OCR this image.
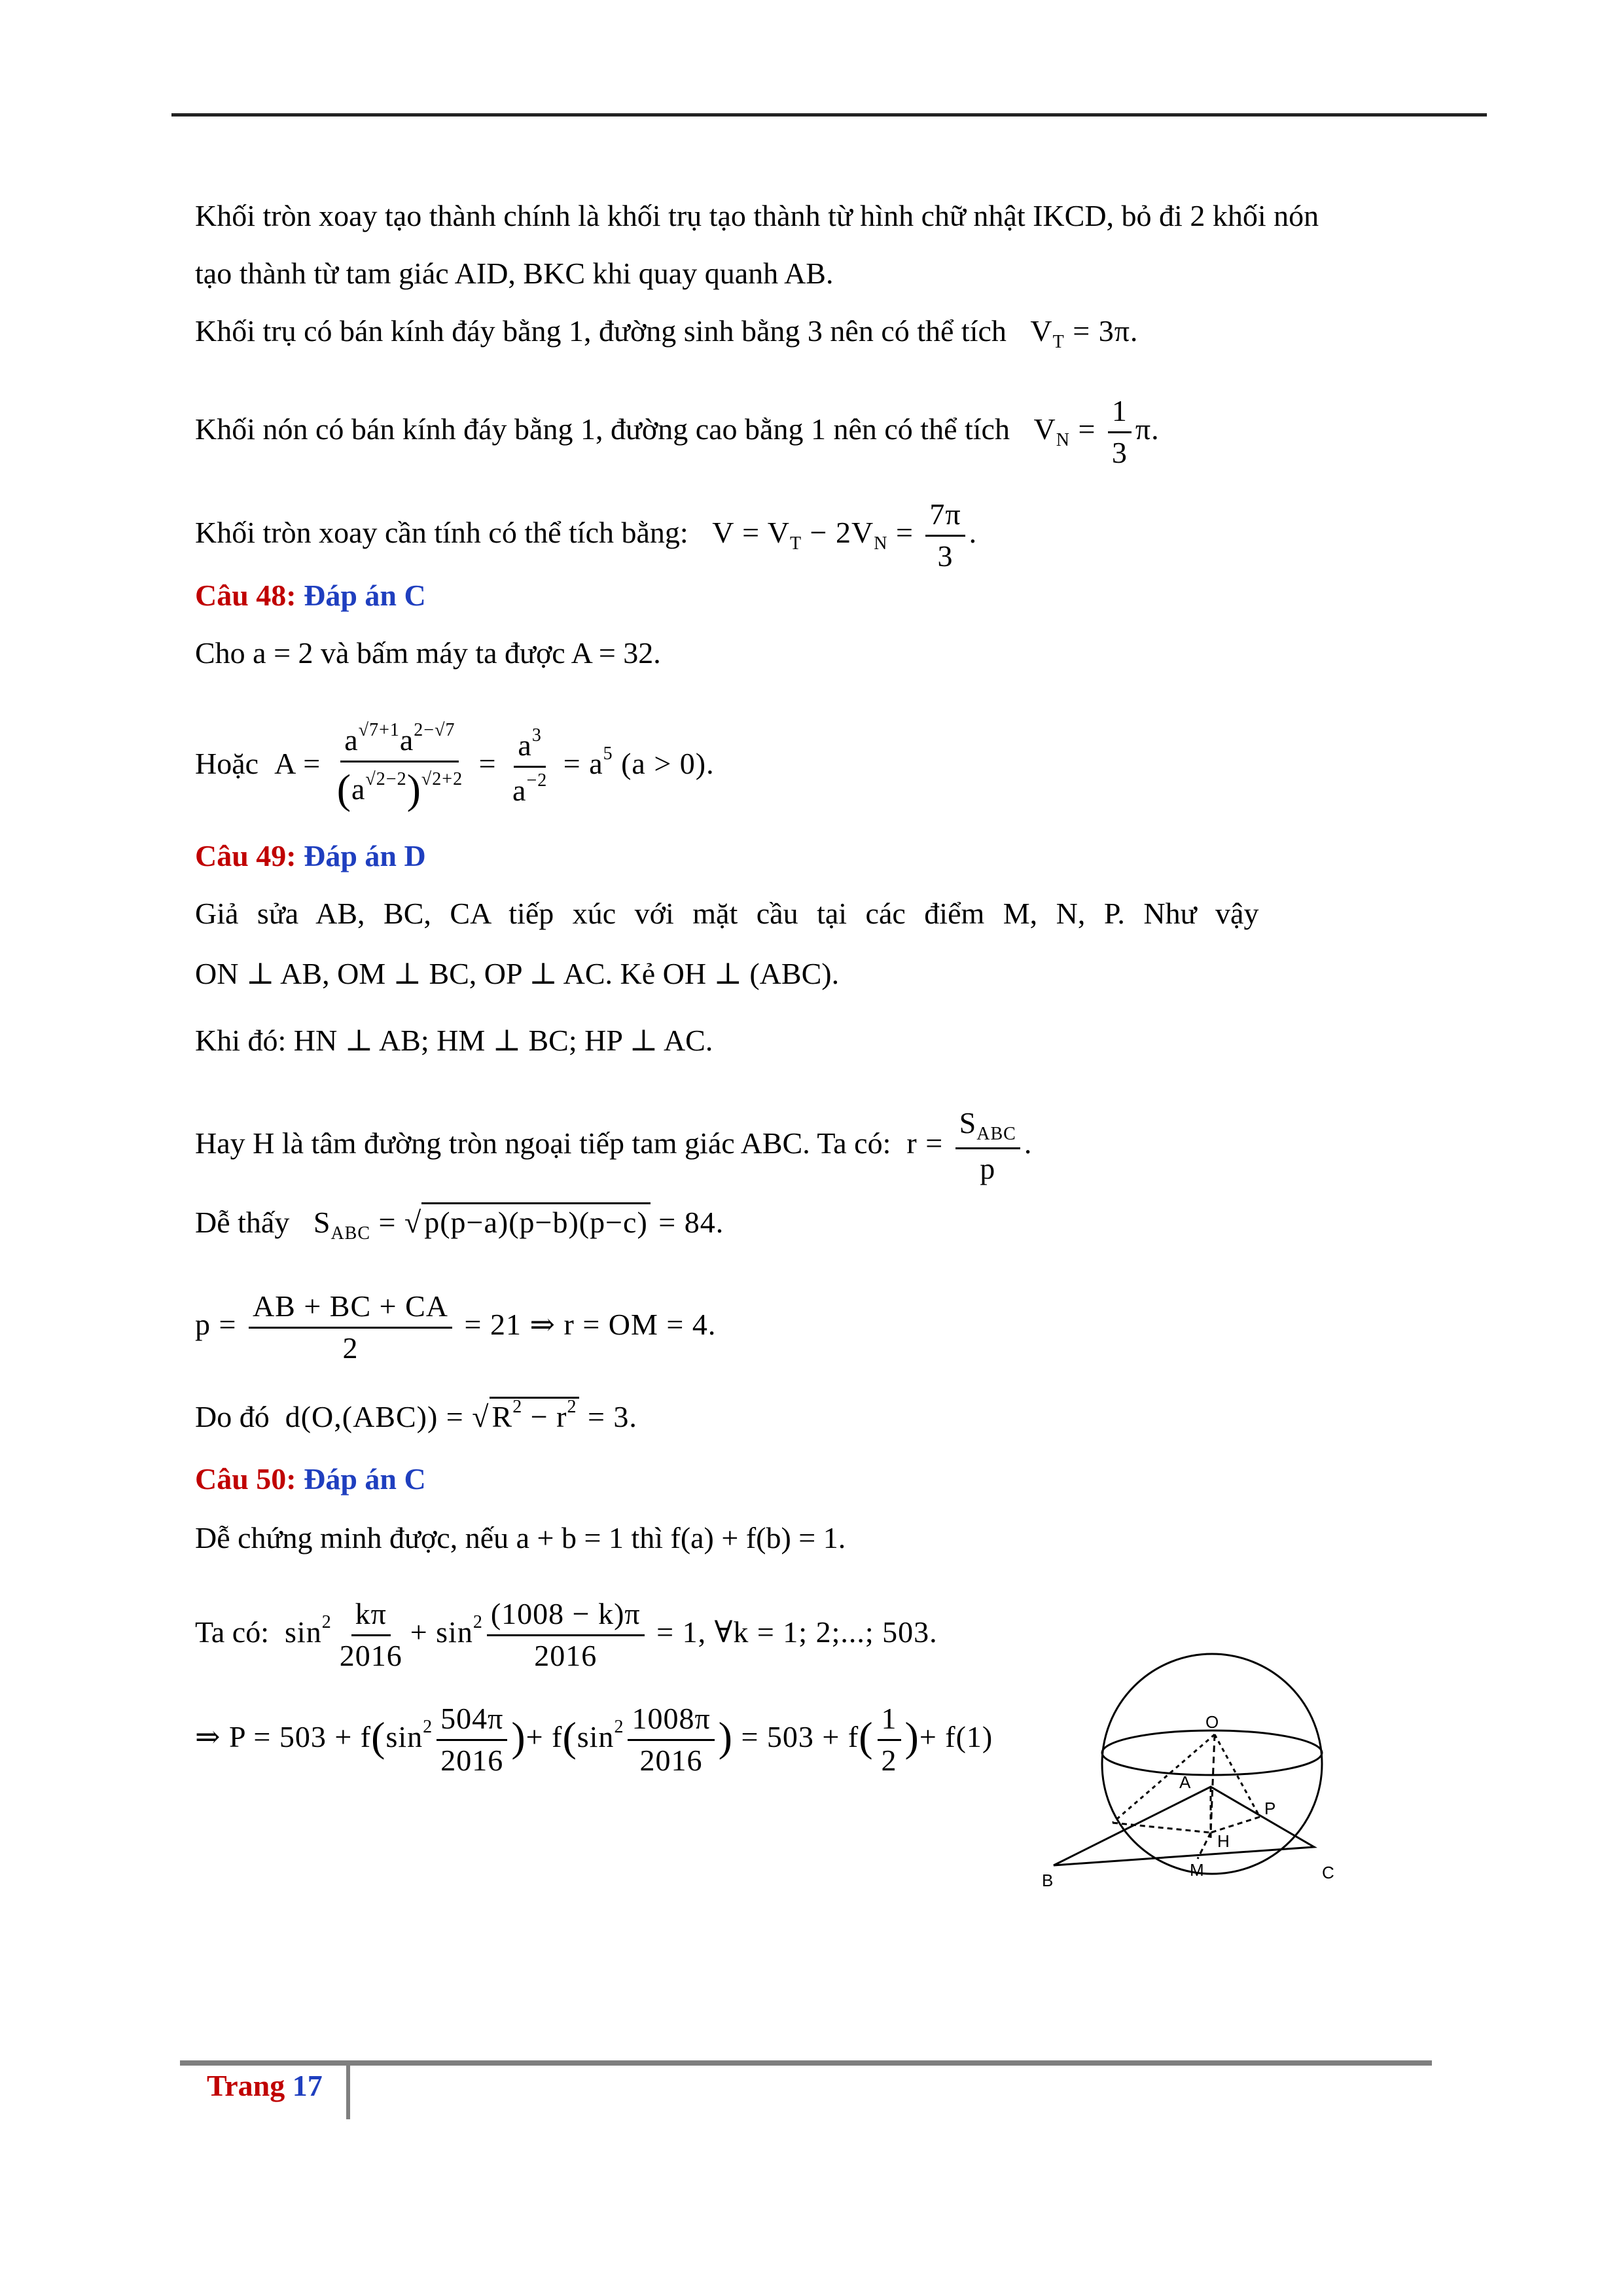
Khối tròn xoay tạo thành chính là khối trụ tạo thành từ hình chữ nhật IKCD, bỏ đi 2 khối nón
tạo thành từ tam giác AID, BKC khi quay quanh AB.
Khối trụ có bán kính đáy bằng 1, đường sinh bằng 3 nên có thể tích   $V_T = 3\pi$.
Khối nón có bán kính đáy bằng 1, đường cao bằng 1 nên có thể tích   $V_N = \frac{1}{3} \pi$.
Khối tròn xoay cần tính có thể tích bằng:   $V = V_T - 2V_N = \frac{7\pi}{3}$ .
Câu 48: Đáp án C
Cho a = 2 và bấm máy ta được A = 32.
Hoặc  $A = \frac{a^{√7+1}a^{2-√7}}{(a^{√2-2})^{√2+2}} = \frac{a^3}{a^{-2}} = a^5$ (a > 0).
Câu 49: Đáp án D
Giả sửa AB, BC, CA tiếp xúc với mặt cầu tại các điểm M, N, P. Như vậy
ON ⊥ AB, OM ⊥ BC, OP ⊥ AC. Kẻ OH ⊥ (ABC).
Khi đó: HN ⊥ AB; HM ⊥ BC; HP ⊥ AC.
Hay H là tâm đường tròn ngoại tiếp tam giác ABC. Ta có:  $r = \frac{S_{ABC}}{p}$ .
Dễ thấy   $S_{ABC} = √p(p-a)(p-b)(p-c) = 84$.
$p = \frac{AB + BC + CA}{2} = 21$ ⇒ r = OM = 4.
Do đó  $d(O,(ABC)) = √R^2 - r^2 = 3$.
Câu 50: Đáp án C
Dễ chứng minh được, nếu a + b = 1 thì f(a) + f(b) = 1.
Ta có:  $\sin^2 \frac{k\pi}{2016} + \sin^2 \frac{(1008 - k)\pi}{2016} = 1$, ∀k = 1; 2;...; 503.
⇒ $P = 503 + f(\sin^2 \frac{504\pi}{2016}$ )+ $f(\sin^2 \frac{1008\pi}{2016}$ ) = $503 + f( \frac{1}{2}$ )+ f(1)	O
A
H
P
M
B	C
Trang 17
